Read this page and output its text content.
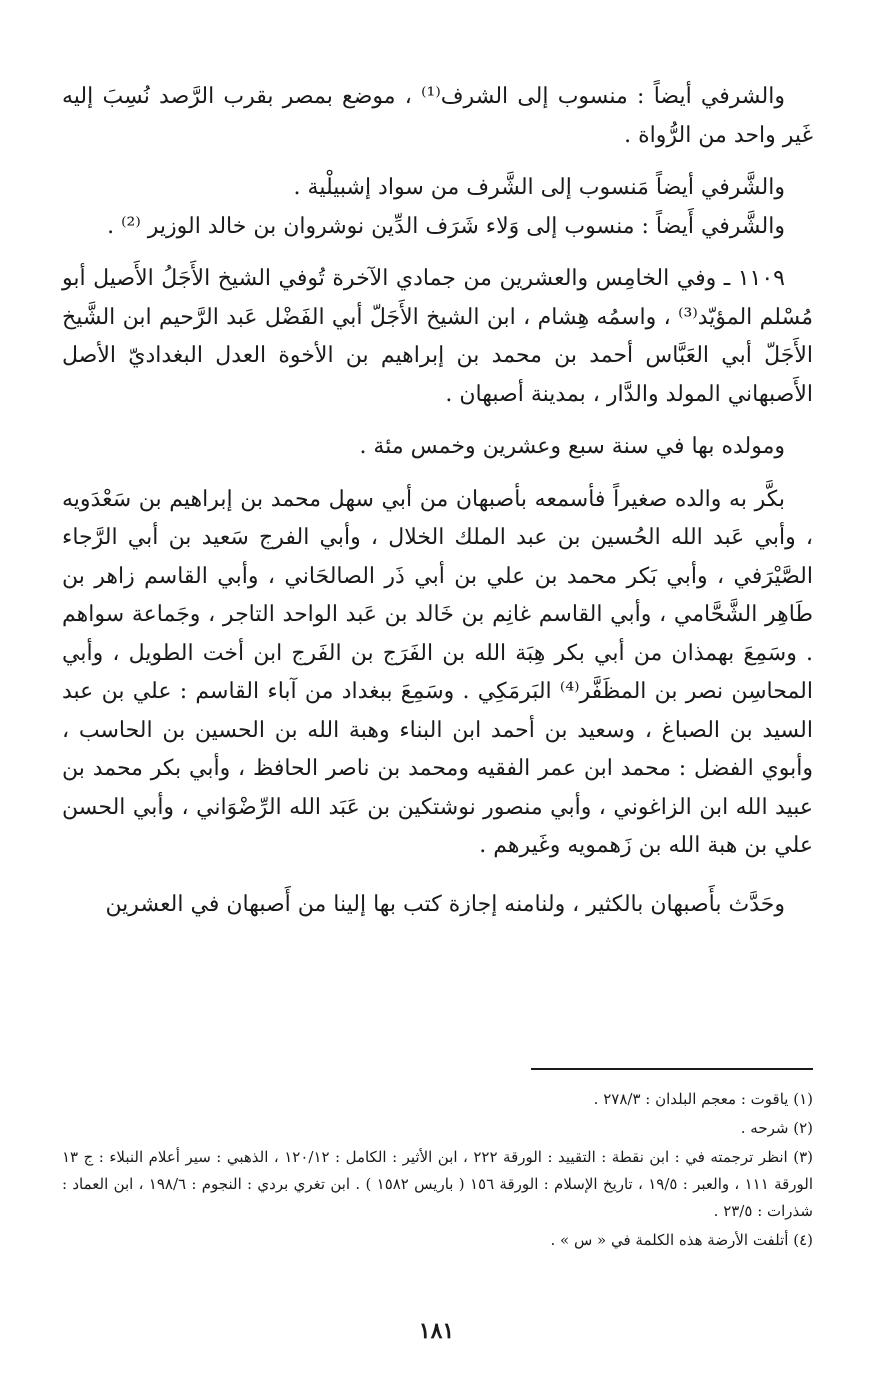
والشرفي أيضاً : منسوب إلى الشرف⁽¹⁾ ، موضع بمصر بقرب الرَّصد نُسِبَ إليه غَير واحد من الرُّواة .

والشَّرفي أيضاً مَنسوب إلى الشَّرف من سواد إشبيلْية .

والشَّرفي أَيضاً : منسوب إلى وَلاء شَرَف الدِّين نوشروان بن خالد الوزير ⁽²⁾ .

١١٠٩ ـ وفي الخامِس والعشرين من جمادي الآخرة تُوفي الشيخ الأَجَلُ الأَصيل أبو مُسْلم المؤيّد⁽³⁾ ، واسمُه هِشام ، ابن الشيخ الأَجَلّ أبي الفَضْل عَبد الرَّحيم ابن الشَّيخ الأَجَلّ أبي العَبَّاس أحمد بن محمد بن إبراهيم بن الأخوة العدل البغداديّ الأصل الأَصبهاني المولد والدَّار ، بمدينة أصبهان .

ومولده بها في سنة سبع وعشرين وخمس مئة .

بكَّر به والده صغيراً فأسمعه بأصبهان من أبي سهل محمد بن إبراهيم بن سَعْدَويه ، وأبي عَبد الله الحُسين بن عبد الملك الخلال ، وأبي الفرج سَعيد بن أبي الرَّجاء الصَّيْرَفي ، وأبي بَكر محمد بن علي بن أبي ذَر الصالحَاني ، وأبي القاسم زاهر بن طَاهِر الشَّحَّامي ، وأبي القاسم غانِم بن خَالد بن عَبد الواحد التاجر ، وجَماعة سواهم . وسَمِعَ بهمذان من أبي بكر هِبَة الله بن الفَرَج بن الفَرج ابن أخت الطويل ، وأبي المحاسِن نصر بن المظَفَّر⁽⁴⁾ البَرمَكِي . وسَمِعَ ببغداد من آباء القاسم : علي بن عبد السيد بن الصباغ ، وسعيد بن أحمد ابن البناء وهبة الله بن الحسين بن الحاسب ، وأبوي الفضل : محمد ابن عمر الفقيه ومحمد بن ناصر الحافظ ، وأبي بكر محمد بن عبيد الله ابن الزاغوني ، وأبي منصور نوشتكين بن عَبَد الله الرِّضْوَاني ، وأبي الحسن علي بن هبة الله بن زَهمويه وغَيرهم .

وحَدَّث بأَصبهان بالكثير ، ولنامنه إجازة كتب بها إلينا من أَصبهان في العشرين

(١) ياقوت : معجم البلدان : ٢٧٨/٣ .

(٢) شرحه .

(٣) انظر ترجمته في : ابن نقطة : التقييد : الورقة ٢٢٢ ، ابن الأثير : الكامل : ١٢٠/١٢ ، الذهبي : سير أعلام النبلاء : ج ١٣ الورقة ١١١ ، والعبر : ١٩/٥ ، تاريخ الإسلام : الورقة ١٥٦ ( باريس ١٥٨٢ ) . ابن تغري بردي : النجوم : ١٩٨/٦ ، ابن العماد : شذرات : ٢٣/٥ .

(٤) أتلفت الأرضة هذه الكلمة في « س » .

١٨١
